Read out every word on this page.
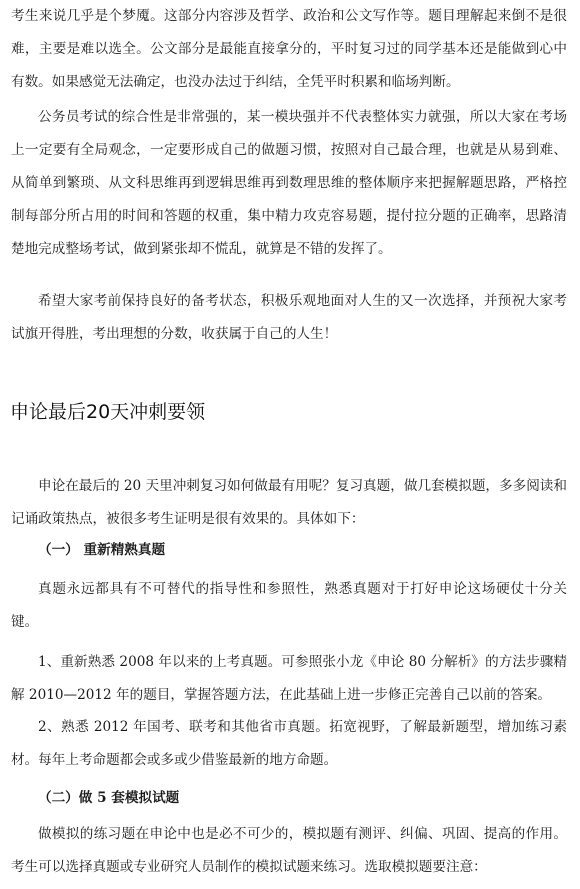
考生来说几乎是个梦魇。这部分内容涉及哲学、政治和公文写作等。题目理解起来倒不是很难，主要是难以选全。公文部分是最能直接拿分的，平时复习过的同学基本还是能做到心中有数。如果感觉无法确定，也没办法过于纠结，全凭平时积累和临场判断。

公务员考试的综合性是非常强的，某一模块强并不代表整体实力就强，所以大家在考场上一定要有全局观念，一定要形成自己的做题习惯，按照对自己最合理，也就是从易到难、从简单到繁琐、从文科思维再到逻辑思维再到数理思维的整体顺序来把握解题思路，严格控制每部分所占用的时间和答题的权重，集中精力攻克容易题，提付拉分题的正确率，思路清楚地完成整场考试，做到紧张却不慌乱，就算是不错的发挥了。

希望大家考前保持良好的备考状态，积极乐观地面对人生的又一次选择，并预祝大家考试旗开得胜，考出理想的分数，收获属于自己的人生！

申论最后20天冲刺要领

申论在最后的 20 天里冲刺复习如何做最有用呢？复习真题，做几套模拟题，多多阅读和记诵政策热点，被很多考生证明是很有效果的。具体如下：

（一） 重新精熟真题

真题永远都具有不可替代的指导性和参照性，熟悉真题对于打好申论这场硬仗十分关键。

1、重新熟悉 2008 年以来的上考真题。可参照张小龙《申论 80 分解析》的方法步骤精解 2010—2012 年的题目，掌握答题方法，在此基础上进一步修正完善自己以前的答案。

2、熟悉 2012 年国考、联考和其他省市真题。拓宽视野，了解最新题型，增加练习素材。每年上考命题都会或多或少借鉴最新的地方命题。

（二）做 5 套模拟试题

做模拟的练习题在申论中也是必不可少的，模拟题有测评、纠偏、巩固、提高的作用。考生可以选择真题或专业研究人员制作的模拟试题来练习。选取模拟题要注意：
